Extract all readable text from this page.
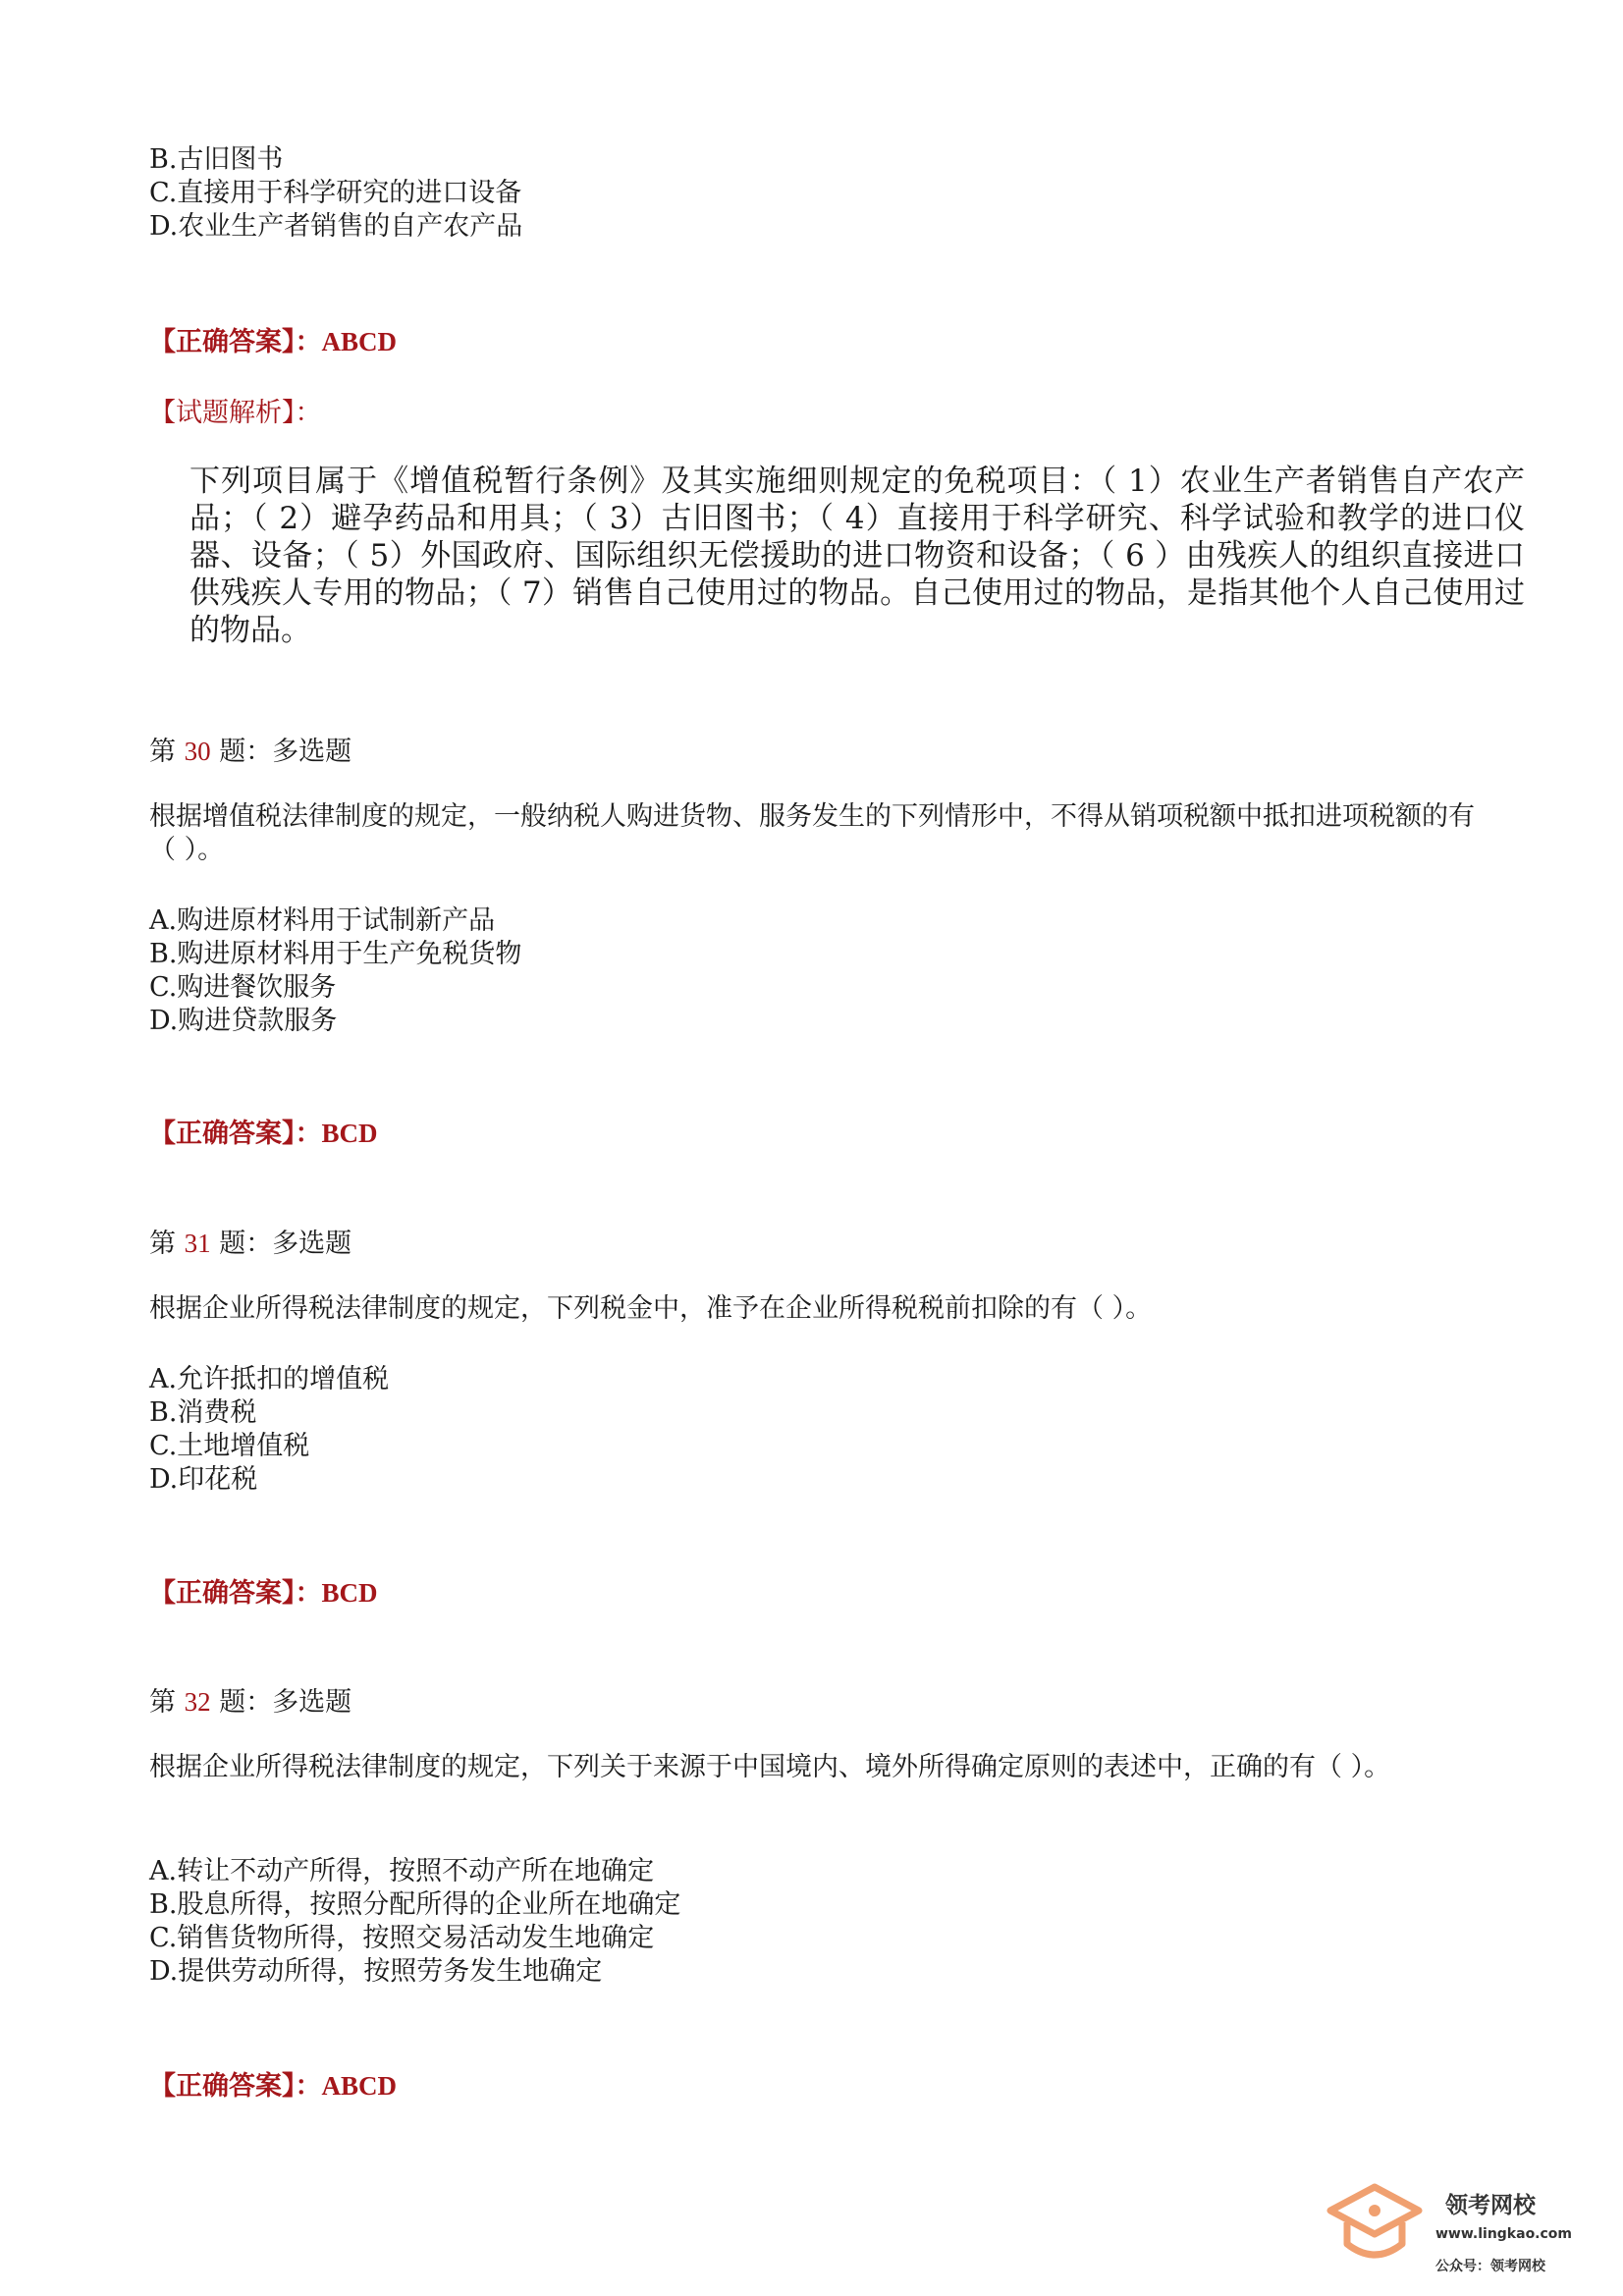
B.古旧图书
C.直接用于科学研究的进口设备
D.农业生产者销售的自产农产品
【正确答案】：ABCD
【试题解析】：
下列项目属于《增值税暂行条例》及其实施细则规定的免税项目：（ 1）农业生产者销售自产农产品；（ 2）避孕药品和用具；（ 3）古旧图书；（ 4）直接用于科学研究、科学试验和教学的进口仪器、设备；（ 5）外国政府、国际组织无偿援助的进口物资和设备；（ 6 ）由残疾人的组织直接进口供残疾人专用的物品；（ 7）销售自己使用过的物品。自己使用过的物品，是指其他个人自己使用过的物品。
第 30 题：多选题
根据增值税法律制度的规定，一般纳税人购进货物、服务发生的下列情形中，不得从销项税额中抵扣进项税额的有（ ）。
A.购进原材料用于试制新产品
B.购进原材料用于生产免税货物
C.购进餐饮服务
D.购进贷款服务
【正确答案】：BCD
第 31 题：多选题
根据企业所得税法律制度的规定，下列税金中，准予在企业所得税税前扣除的有（ ）。
A.允许抵扣的增值税
B.消费税
C.土地增值税
D.印花税
【正确答案】：BCD
第 32 题：多选题
根据企业所得税法律制度的规定，下列关于来源于中国境内、境外所得确定原则的表述中，正确的有（ ）。
A.转让不动产所得，按照不动产所在地确定
B.股息所得，按照分配所得的企业所在地确定
C.销售货物所得，按照交易活动发生地确定
D.提供劳动所得，按照劳务发生地确定
【正确答案】：ABCD
领考网校
www.lingkao.com
公众号：领考网校
